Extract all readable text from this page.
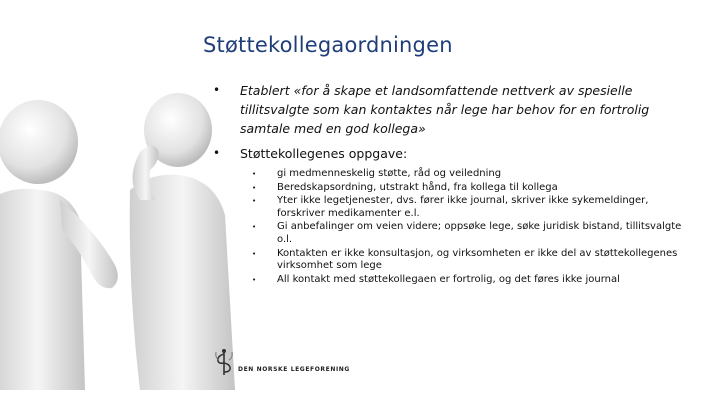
Støttekollegaordningen
• Etablert «for å skape et landsomfattende nettverk av spesielle tillitsvalgte som kan kontaktes når lege har behov for en fortrolig samtale med en god kollega»
• Støttekollegenes oppgave:
• gi medmenneskelig støtte, råd og veiledning
• Beredskapsordning, utstrakt hånd, fra kollega til kollega
• Yter ikke legetjenester, dvs. fører ikke journal, skriver ikke sykemeldinger, forskriver medikamenter e.l.
• Gi anbefalinger om veien videre; oppsøke lege, søke juridisk bistand, tillitsvalgte o.l.
• Kontakten er ikke konsultasjon, og virksomheten er ikke del av støttekollegenes virksomhet som lege
• All kontakt med støttekollegaen er fortrolig, og det føres ikke journal
DEN NORSKE LEGEFORENING
